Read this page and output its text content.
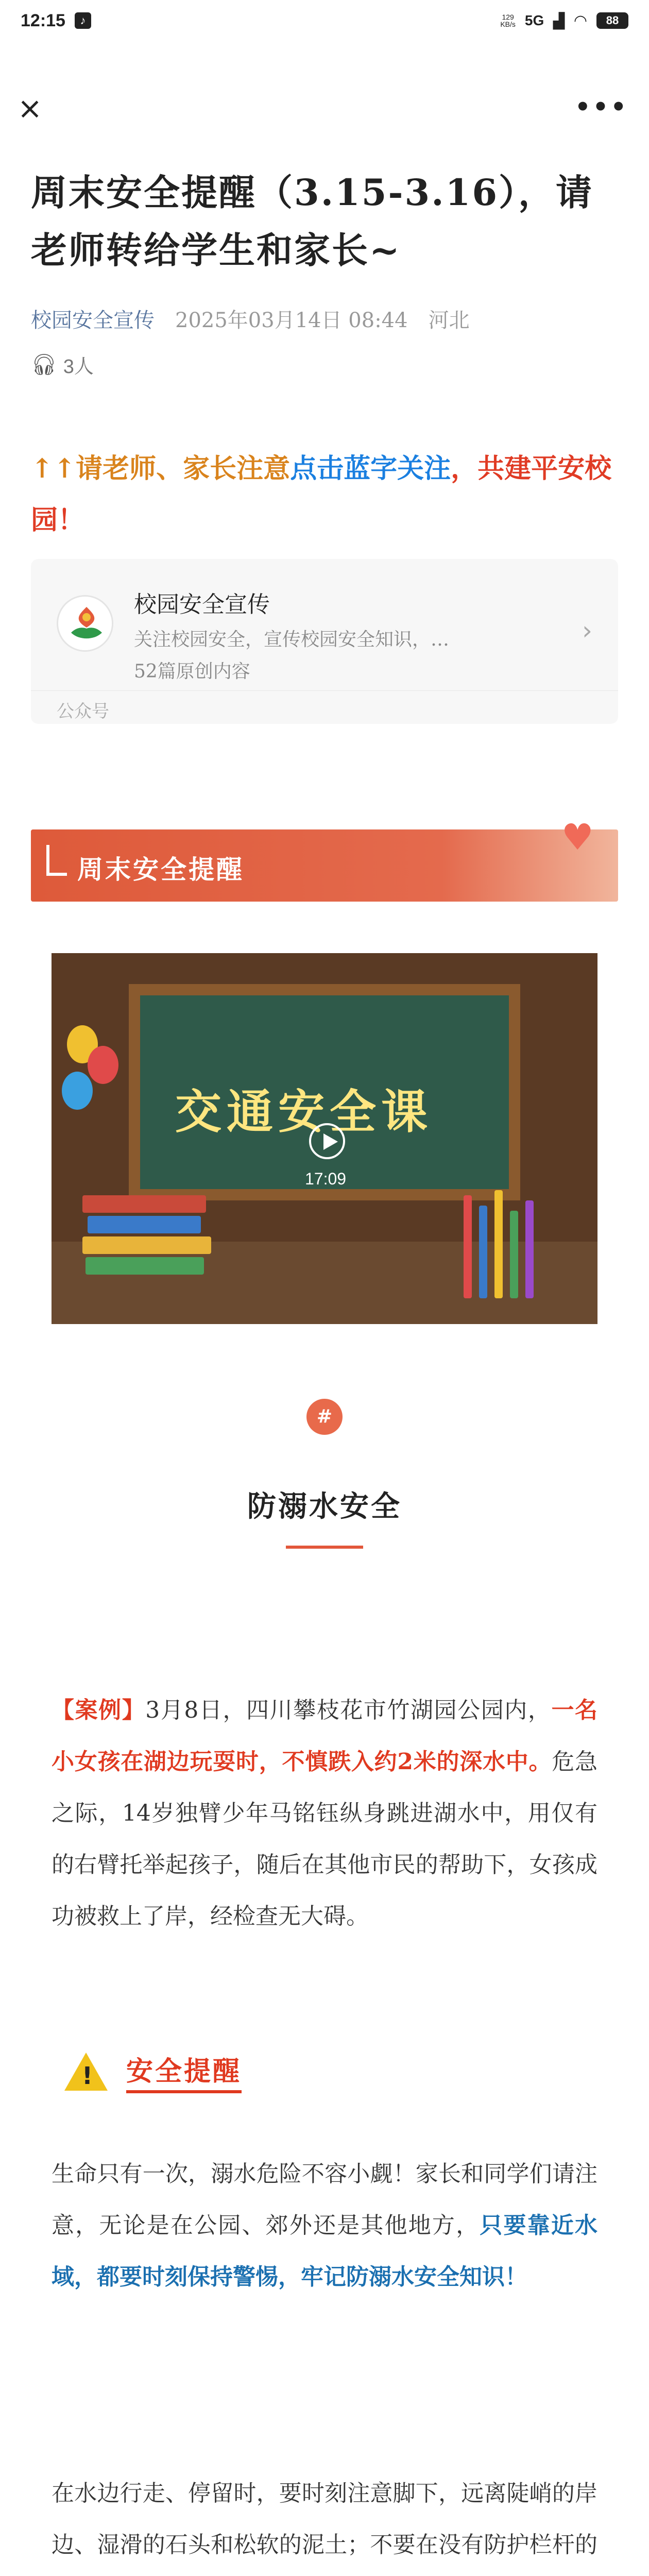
12:15	♪	129
KB/s 5G ▟ ◠	88
×	•••
周末安全提醒（3.15-3.16），请老师转给学生和家长~
校园安全宣传 2025年03月14日 08:44 河北
🎧︎ 3人
↑↑请老师、家长注意点击蓝字关注，共建平安校园！
校园安全宣传
关注校园安全，宣传校园安全知识，…
52篇原创内容
›
公众号
周末安全提醒
♥
交通安全课
17:09
#
防溺水安全
【案例】3月8日，四川攀枝花市竹湖园公园内，一名小女孩在湖边玩耍时，不慎跌入约2米的深水中。危急之际，14岁独臂少年马铭钰纵身跳进湖水中，用仅有的右臂托举起孩子，随后在其他市民的帮助下，女孩成功被救上了岸，经检查无大碍。
! 安全提醒
生命只有一次，溺水危险不容小觑！家长和同学们请注意，无论是在公园、郊外还是其他地方，只要靠近水域，都要时刻保持警惕，牢记防溺水安全知识！
在水边行走、停留时，要时刻注意脚下，远离陡峭的岸边、湿滑的石头和松软的泥土；不要在没有防护栏杆的
